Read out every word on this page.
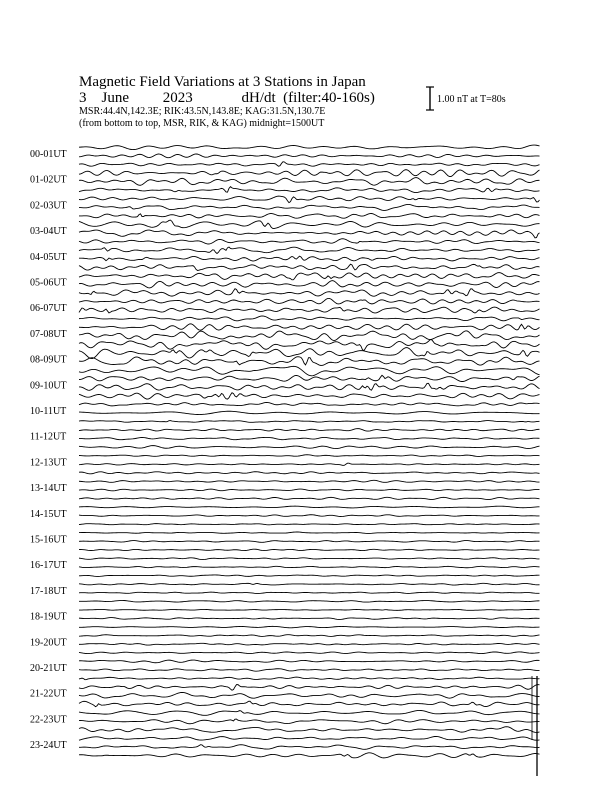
Magnetic Field Variations at 3 Stations in Japan
3 June 2023	dH/dt  (filter:40-160s)
MSR:44.4N,142.3E; RIK:43.5N,143.8E; KAG:31.5N,130.7E
(from bottom to top, MSR, RIK, & KAG) midnight=1500UT
1.00 nT at T=80s
00-01UT
01-02UT
02-03UT
03-04UT
04-05UT
05-06UT
06-07UT
07-08UT
08-09UT
09-10UT
10-11UT
11-12UT
12-13UT
13-14UT
14-15UT
15-16UT
16-17UT
17-18UT
18-19UT
19-20UT
20-21UT
21-22UT
22-23UT
23-24UT
